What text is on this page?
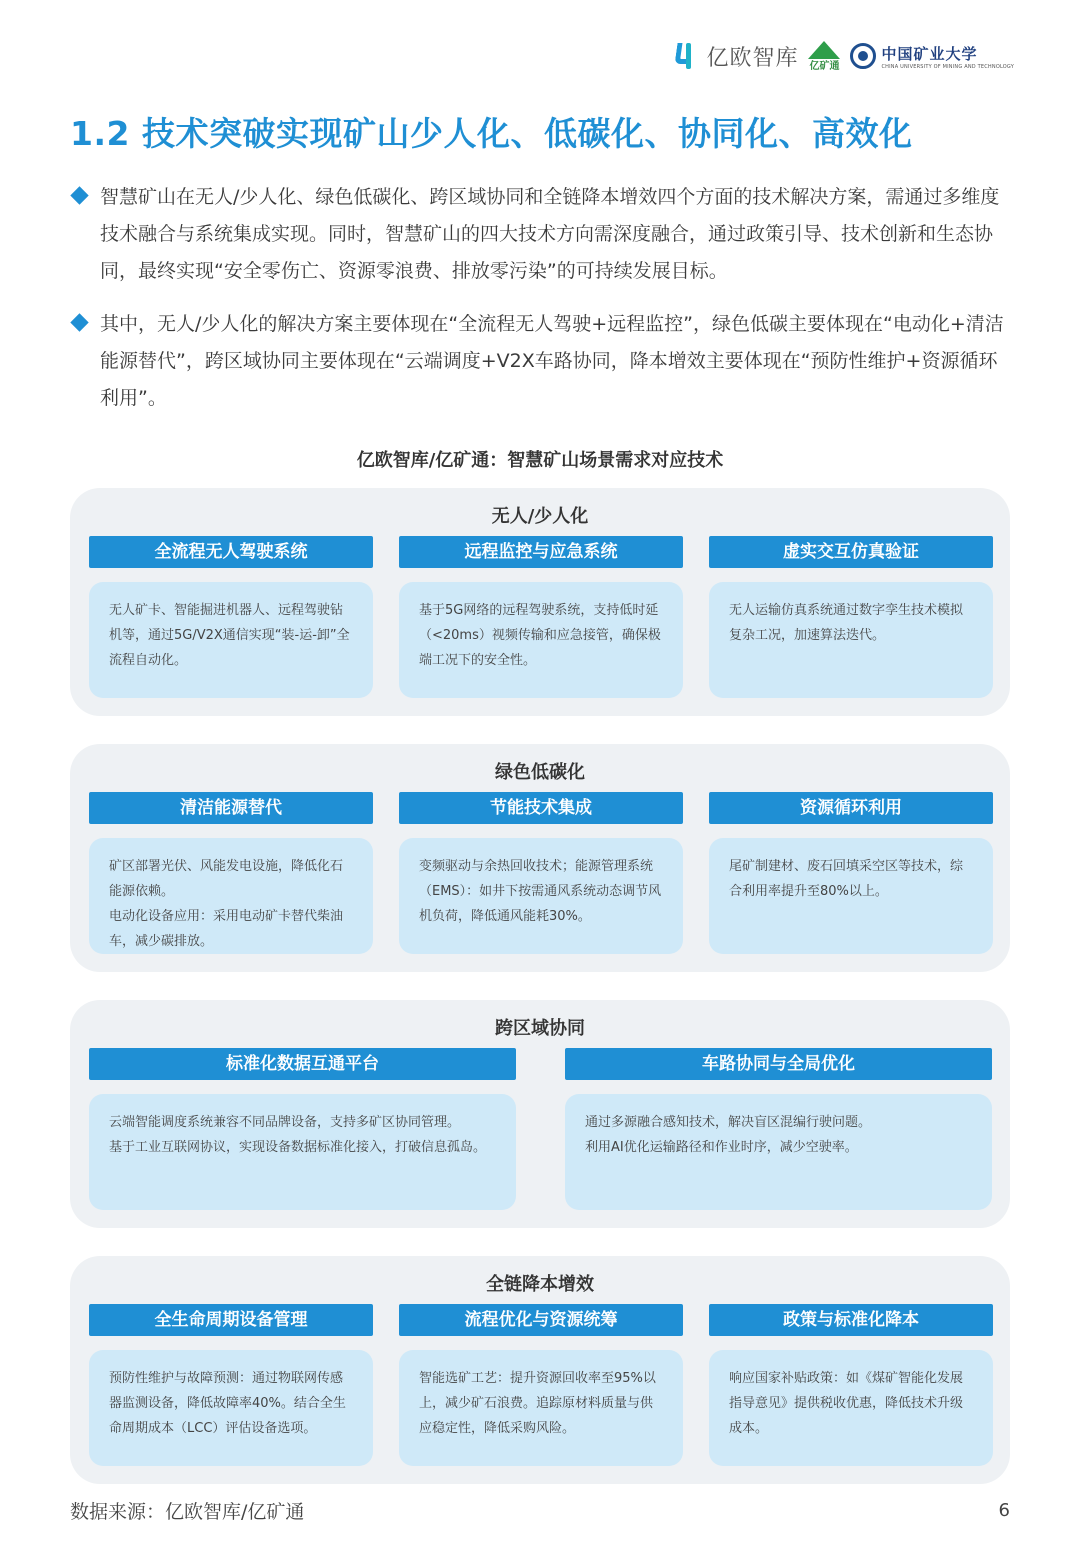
亿欧智库 亿矿通
中国矿业大学
CHINA UNIVERSITY OF MINING AND TECHNOLOGY
1.2 技术突破实现矿山少人化、低碳化、协同化、高效化

智慧矿山在无人/少人化、绿色低碳化、跨区域协同和全链降本增效四个方面的技术解决方案，需通过多维度技术融合与系统集成实现。同时，智慧矿山的四大技术方向需深度融合，通过政策引导、技术创新和生态协同，最终实现“安全零伤亡、资源零浪费、排放零污染”的可持续发展目标。

其中，无人/少人化的解决方案主要体现在“全流程无人驾驶+远程监控”，绿色低碳主要体现在“电动化+清洁能源替代”，跨区域协同主要体现在“云端调度+V2X车路协同，降本增效主要体现在“预防性维护+资源循环利用”。

亿欧智库/亿矿通：智慧矿山场景需求对应技术
无人/少人化
全流程无人驾驶系统

无人矿卡、智能掘进机器人、远程驾驶钻机等，通过5G/V2X通信实现“装-运-卸”全流程自动化。

远程监控与应急系统

基于5G网络的远程驾驶系统，支持低时延（<20ms）视频传输和应急接管，确保极端工况下的安全性。

虚实交互仿真验证

无人运输仿真系统通过数字孪生技术模拟复杂工况，加速算法迭代。

绿色低碳化
清洁能源替代

矿区部署光伏、风能发电设施，降低化石能源依赖。

电动化设备应用：采用电动矿卡替代柴油车，减少碳排放。

节能技术集成

变频驱动与余热回收技术；能源管理系统（EMS）：如井下按需通风系统动态调节风机负荷，降低通风能耗30%。

资源循环利用

尾矿制建材、废石回填采空区等技术，综合利用率提升至80%以上。

跨区域协同
标准化数据互通平台

云端智能调度系统兼容不同品牌设备，支持多矿区协同管理。

基于工业互联网协议，实现设备数据标准化接入，打破信息孤岛。

车路协同与全局优化

通过多源融合感知技术，解决盲区混编行驶问题。

利用AI优化运输路径和作业时序，减少空驶率。

全链降本增效
全生命周期设备管理

预防性维护与故障预测：通过物联网传感器监测设备，降低故障率40%。结合全生命周期成本（LCC）评估设备选项。

流程优化与资源统筹

智能选矿工艺：提升资源回收率至95%以上，减少矿石浪费。追踪原材料质量与供应稳定性，降低采购风险。

政策与标准化降本

响应国家补贴政策：如《煤矿智能化发展指导意见》提供税收优惠，降低技术升级成本。

数据来源：亿欧智库/亿矿通	6
